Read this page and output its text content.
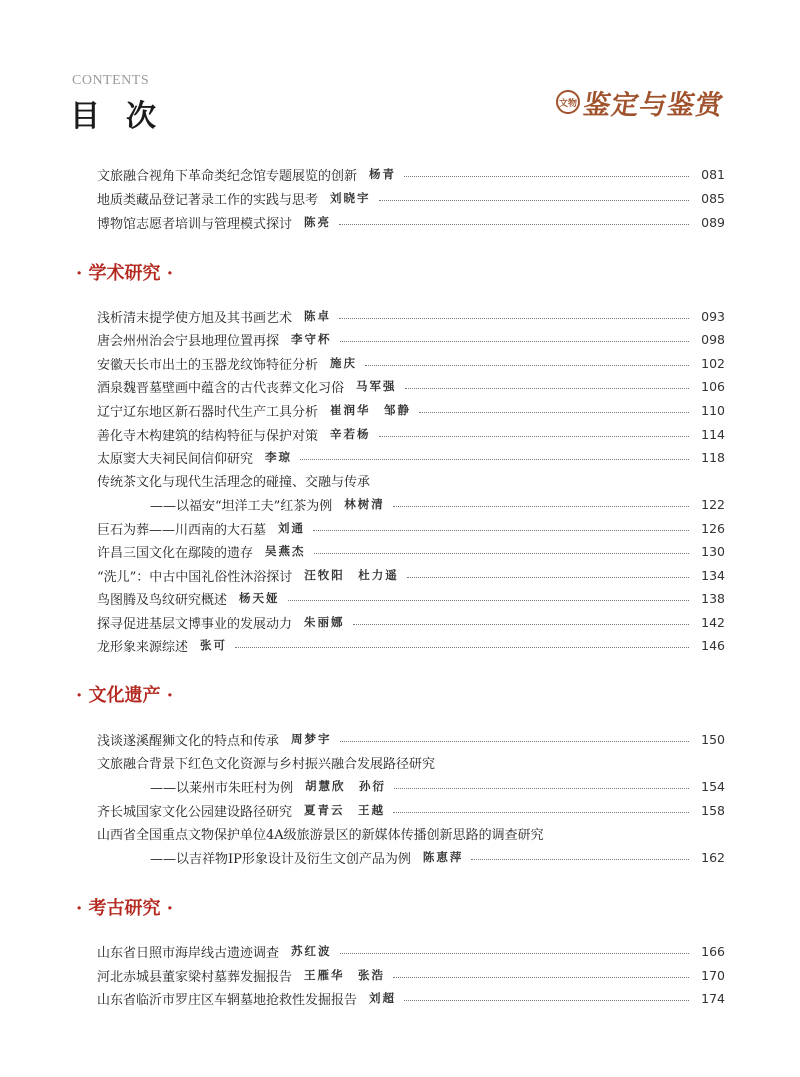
CONTENTS
目次	文物 鉴定与鉴赏
文旅融合视角下革命类纪念馆专题展览的创新 杨青	081
地质类藏品登记著录工作的实践与思考 刘晓宇	085
博物馆志愿者培训与管理模式探讨 陈亮	089
· 学术研究 ·
浅析清末提学使方旭及其书画艺术 陈卓	093
唐会州州治会宁县地理位置再探 李守杯	098
安徽天长市出土的玉器龙纹饰特征分析 施庆	102
酒泉魏晋墓壁画中蕴含的古代丧葬文化习俗 马军强	106
辽宁辽东地区新石器时代生产工具分析 崔润华　邹静	110
善化寺木构建筑的结构特征与保护对策 辛若杨	114
太原窦大夫祠民间信仰研究 李琼	118
传统茶文化与现代生活理念的碰撞、交融与传承
——以福安“坦洋工夫”红茶为例 林树清	122
巨石为葬——川西南的大石墓 刘通	126
许昌三国文化在鄢陵的遗存 吴燕杰	130
“洗儿”：中古中国礼俗性沐浴探讨 汪牧阳　杜力遥	134
鸟图腾及鸟纹研究概述 杨天娅	138
探寻促进基层文博事业的发展动力 朱丽娜	142
龙形象来源综述 张可	146
· 文化遗产 ·
浅谈遂溪醒狮文化的特点和传承 周梦宇	150
文旅融合背景下红色文化资源与乡村振兴融合发展路径研究
——以莱州市朱旺村为例 胡慧欣　孙衍	154
齐长城国家文化公园建设路径研究 夏青云　王越	158
山西省全国重点文物保护单位4A级旅游景区的新媒体传播创新思路的调查研究
——以吉祥物IP形象设计及衍生文创产品为例 陈恵萍	162
· 考古研究 ·
山东省日照市海岸线古遗迹调查 苏红波	166
河北赤城县董家梁村墓葬发掘报告 王雁华　张浩	170
山东省临沂市罗庄区车辋墓地抢救性发掘报告 刘超	174
